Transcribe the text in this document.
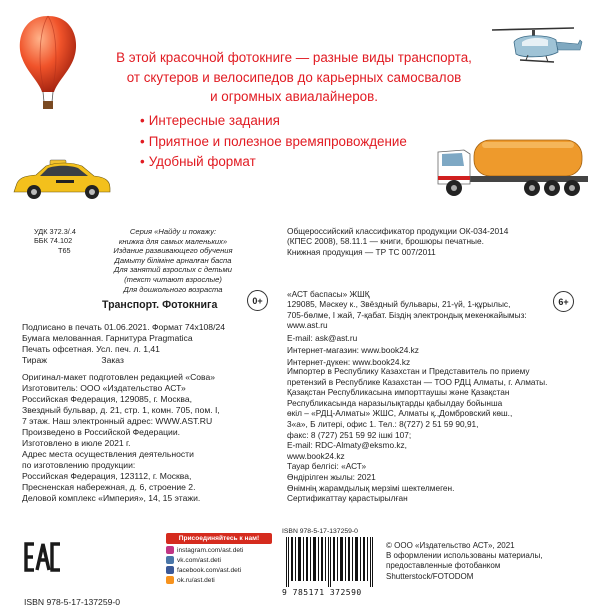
В этой красочной фотокниге — разные виды транспорта,
от скутеров и велосипедов до карьерных самосвалов
и огромных авиалайнеров.
• Интересные задания
• Приятное и полезное времяпровождение
• Удобный формат
УДК 372.3/.4
ББК 74.102
Т65
Серия «Найду и покажу:
книжка для самых маленьких»
Издание развивающего обучения
Дамыту біліміне арналған баспа
Для занятий взрослых с детьми
(текст читают взрослые)
Для дошкольного возраста
Общероссийский классификатор продукции ОК-034-2014
(КПЕС 2008), 58.11.1 — книги, брошюры печатные.
Книжная продукция — ТР ТС 007/2011
Транспорт. Фотокнига	0+	6+
«АСТ баспасы» ЖШҚ
129085, Мәскеу к., Звёздный бульвары, 21-үй, 1-құрылыс,
705-бөлме, I жай, 7-қабат. Біздің электрондық мекенжайымыз:
www.ast.ru
E-mail: ask@ast.ru
Интернет-магазин: www.book24.kz
Интернет-дүкен: www.book24.kz
Подписано в печать 01.06.2021. Формат 74x108/24
Бумага мелованная. Гарнитура Pragmatica
Печать офсетная. Усл. печ. л. 1,41
Тираж	Заказ
Оригинал-макет подготовлен редакцией «Сова»
Изготовитель: ООО «Издательство АСТ»
Российская Федерация, 129085, г. Москва,
Звездный бульвар, д. 21, стр. 1, комн. 705, пом. I,
7 этаж. Наш электронный адрес: WWW.AST.RU
Произведено в Российской Федерации.
Изготовлено в июле 2021 г.
Адрес места осуществления деятельности
по изготовлению продукции:
Российская Федерация, 123112, г. Москва,
Пресненская набережная, д. 6, строение 2.
Деловой комплекс «Империя», 14, 15 этажи.
Импортер в Республику Казахстан и Представитель по приему
претензий в Республике Казахстан — ТОО РДЦ Алматы, г. Алматы.
Қазақстан Республикасына импорттаушы және Қазақстан
Республикасында наразылықтарды қабылдау бойынша
өкіл – «РДЦ-Алматы» ЖШС, Алматы қ.,Домбровский көш.,
3«а», Б литері, офис 1. Тел.: 8(727) 2 51 59 90,91,
факс: 8 (727) 251 59 92 ішкі 107;
E-mail: RDC-Almaty@eksmo.kz,
www.book24.kz
Тауар белгісі: «АСТ»
Өндірілген жылы: 2021
Өнімнің жарамдылық мерзімі шектелмеген.
Сертификаттау қарастырылған
Присоединяйтесь к нам!
instagram.com/ast.deti
vk.com/ast.deti
facebook.com/ast.deti
ok.ru/ast.deti
ISBN 978-5-17-137259-0
9 785171 372590
ISBN 978-5-17-137259-0
© ООО «Издательство АСТ», 2021
В оформлении использованы материалы,
предоставленные фотобанком
Shutterstock/FOTODOM
